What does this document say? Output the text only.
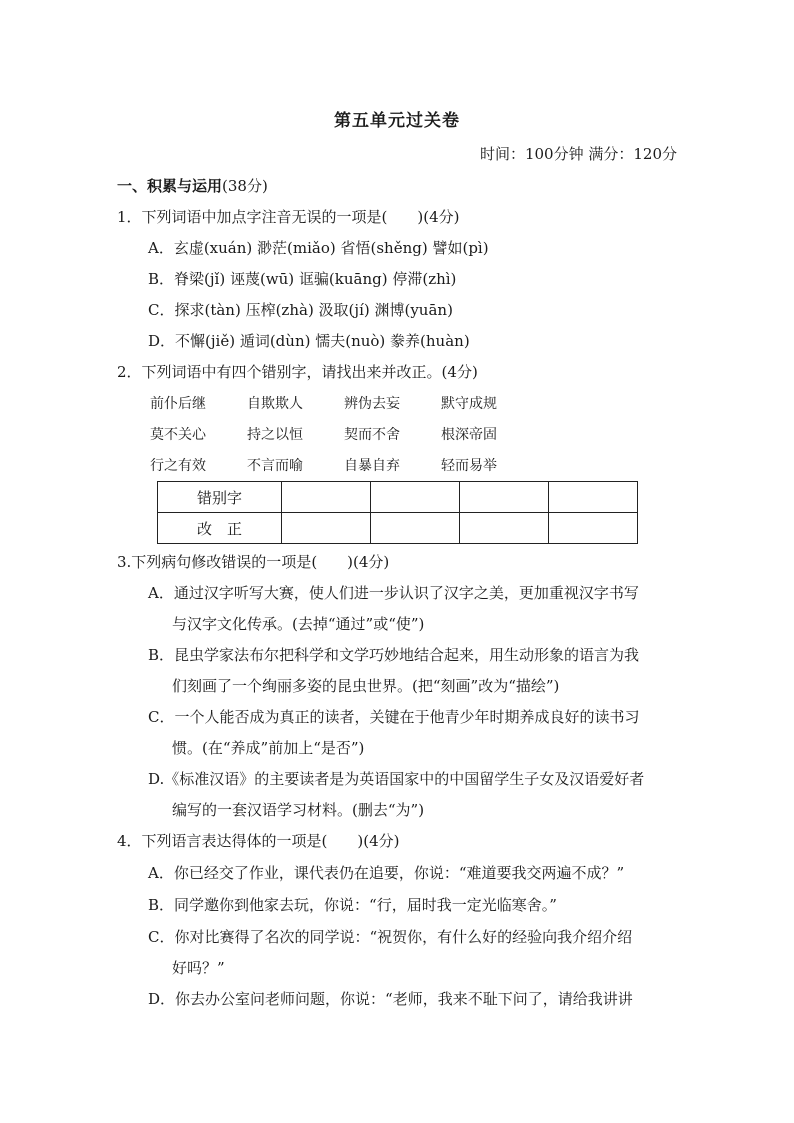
第五单元过关卷
时间：100分钟 满分：120分
一、积累与运用(38分)
1．下列词语中加点字注音无误的一项是( )(4分)
A．玄虚(xuán) 渺茫(miǎo) 省悟(shěng) 譬如(pì)
B．脊梁(jǐ) 诬蔑(wū) 诓骗(kuāng) 停滞(zhì)
C．探求(tàn) 压榨(zhà) 汲取(jí) 渊博(yuān)
D．不懈(jiě) 遁词(dùn) 懦夫(nuò) 豢养(huàn)
2．下列词语中有四个错别字，请找出来并改正。(4分)
前仆后继	自欺欺人	辨伪去妄	默守成规
莫不关心	持之以恒	契而不舍	根深帝固
行之有效	不言而喻	自暴自弃	轻而易举
错别字				
改　正				
3.下列病句修改错误的一项是( )(4分)
A．通过汉字听写大赛，使人们进一步认识了汉字之美，更加重视汉字书写
与汉字文化传承。(去掉“通过”或“使”)
B．昆虫学家法布尔把科学和文学巧妙地结合起来，用生动形象的语言为我
们刻画了一个绚丽多姿的昆虫世界。(把“刻画”改为“描绘”)
C．一个人能否成为真正的读者，关键在于他青少年时期养成良好的读书习
惯。(在“养成”前加上“是否”)
D.《标准汉语》的主要读者是为英语国家中的中国留学生子女及汉语爱好者
编写的一套汉语学习材料。(删去“为”)
4．下列语言表达得体的一项是( )(4分)
A．你已经交了作业，课代表仍在追要，你说：“难道要我交两遍不成？”
B．同学邀你到他家去玩，你说：“行，届时我一定光临寒舍。”
C．你对比赛得了名次的同学说：“祝贺你，有什么好的经验向我介绍介绍
好吗？”
D．你去办公室问老师问题，你说：“老师，我来不耻下问了，请给我讲讲
